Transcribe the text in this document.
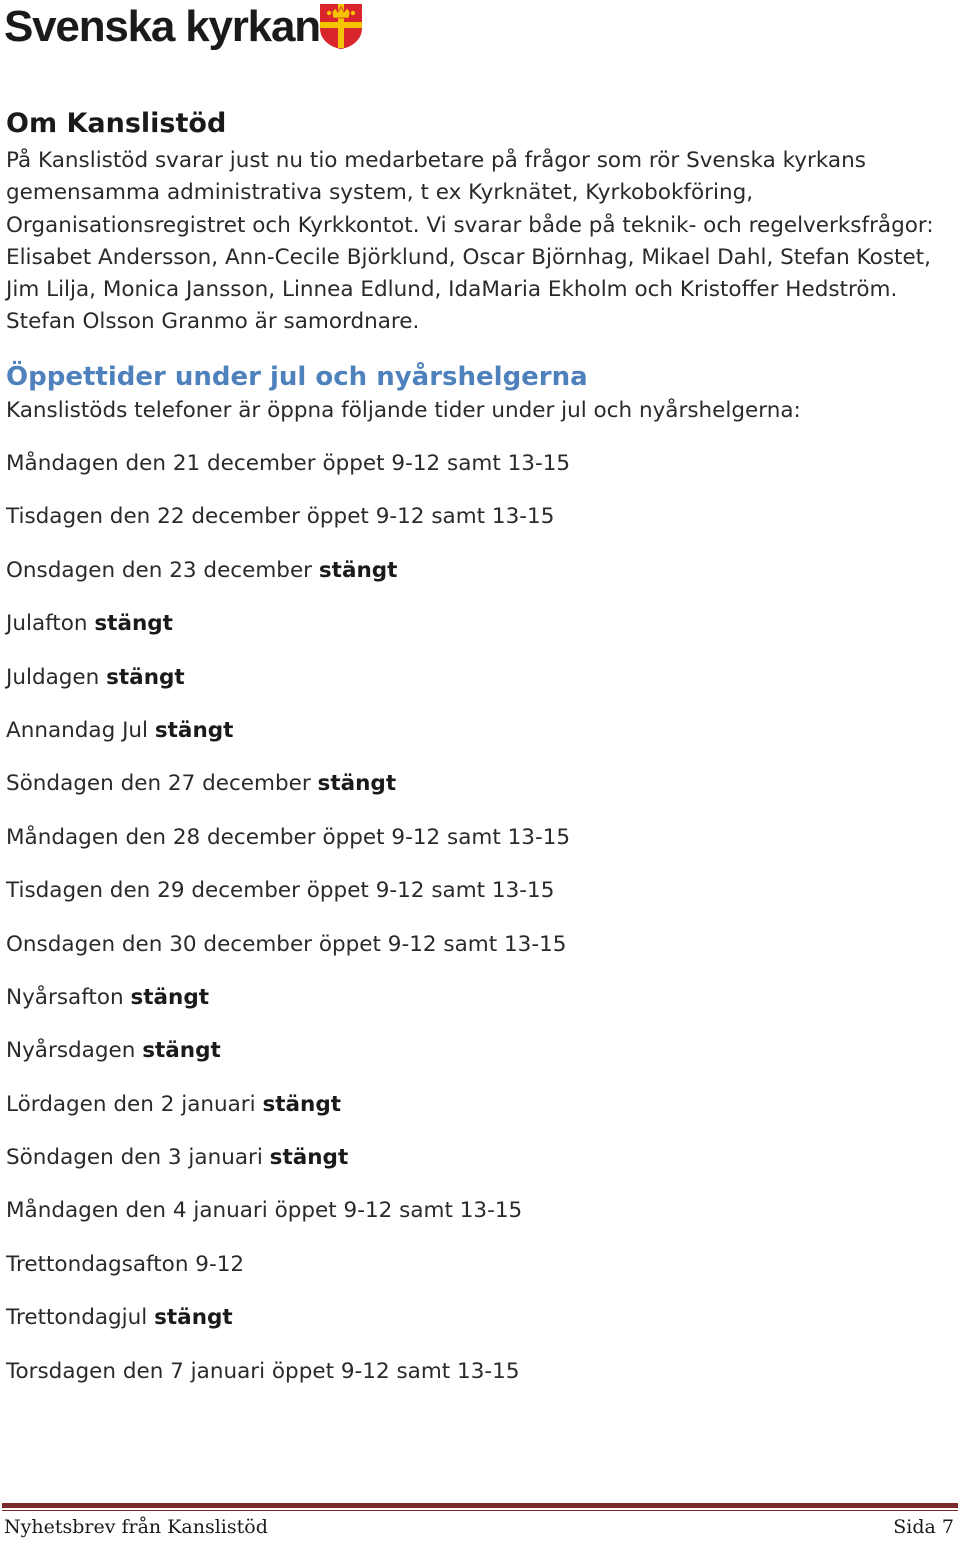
Svenska kyrkan
Om Kanslistöd

På Kanslistöd svarar just nu tio medarbetare på frågor som rör Svenska kyrkans gemensamma administrativa system, t ex Kyrknätet, Kyrkobokföring, Organisationsregistret och Kyrkkontot. Vi svarar både på teknik- och regelverksfrågor: Elisabet Andersson, Ann-Cecile Björklund, Oscar Björnhag, Mikael Dahl, Stefan Kostet, Jim Lilja, Monica Jansson, Linnea Edlund, IdaMaria Ekholm och Kristoffer Hedström. Stefan Olsson Granmo är samordnare.

Öppettider under jul och nyårshelgerna

Kanslistöds telefoner är öppna följande tider under jul och nyårshelgerna:

Måndagen den 21 december öppet 9-12 samt 13-15
Tisdagen den 22 december öppet 9-12 samt 13-15
Onsdagen den 23 december stängt
Julafton stängt
Juldagen stängt
Annandag Jul stängt
Söndagen den 27 december stängt
Måndagen den 28 december öppet 9-12 samt 13-15
Tisdagen den 29 december öppet 9-12 samt 13-15
Onsdagen den 30 december öppet 9-12 samt 13-15
Nyårsafton stängt
Nyårsdagen stängt
Lördagen den 2 januari stängt
Söndagen den 3 januari stängt
Måndagen den 4 januari öppet 9-12 samt 13-15
Trettondagsafton 9-12
Trettondagjul stängt
Torsdagen den 7 januari öppet 9-12 samt 13-15
Nyhetsbrev från Kanslistöd	Sida 7
